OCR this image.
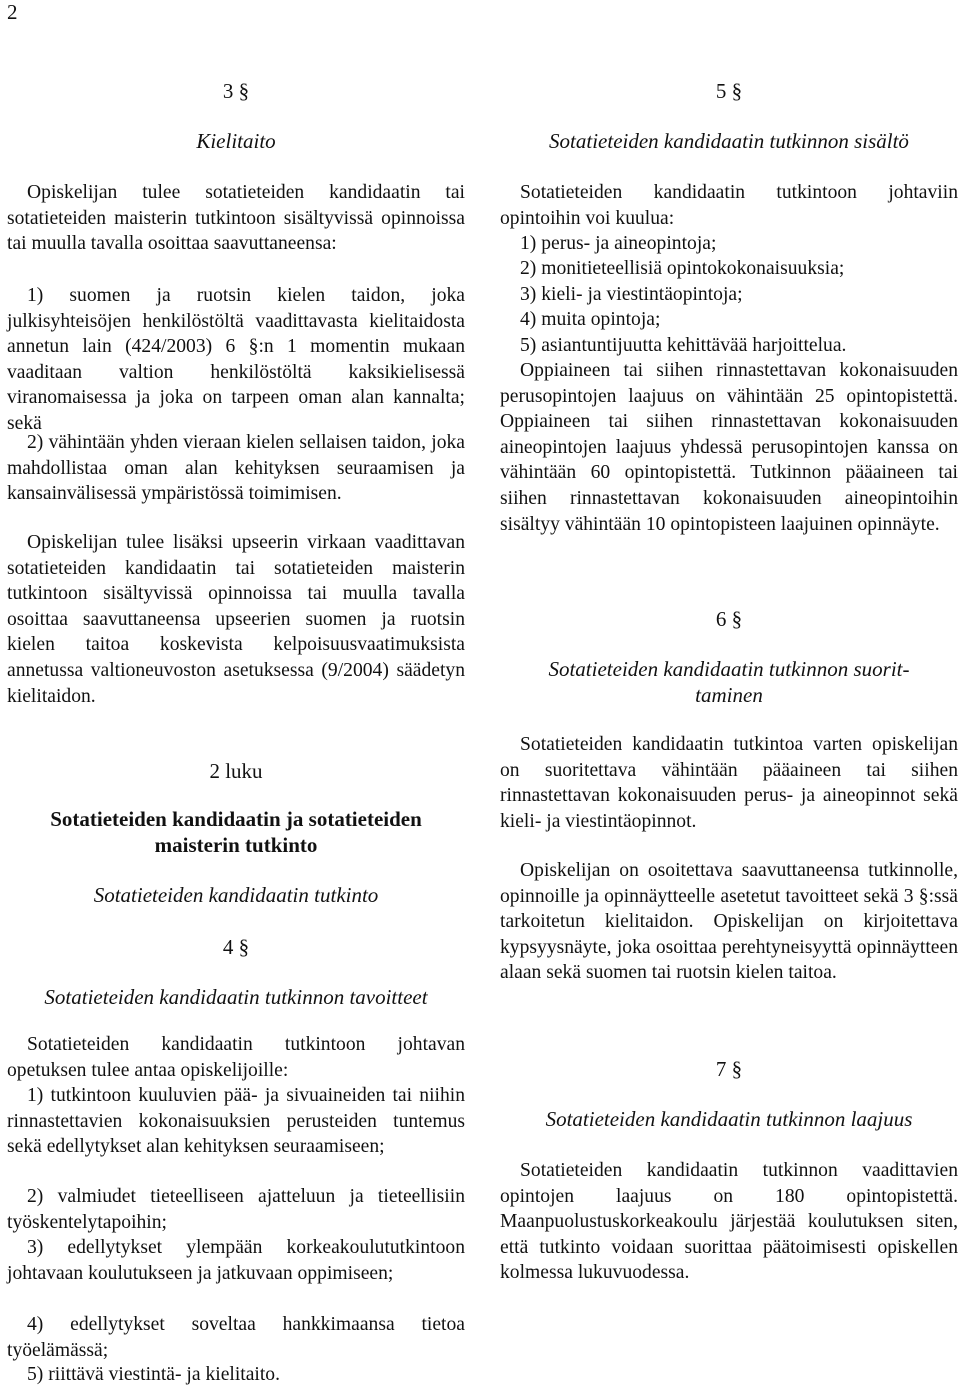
2
3 §
Kielitaito
Opiskelijan tulee sotatieteiden kandidaatin tai sotatieteiden maisterin tutkintoon sisältyvissä opinnoissa tai muulla tavalla osoittaa saavuttaneensa:
1) suomen ja ruotsin kielen taidon, joka julkisyhteisöjen henkilöstöltä vaadittavasta kielitaidosta annetun lain (424/2003) 6 §:n 1 momentin mukaan vaaditaan valtion henkilöstöltä kaksikielisessä viranomaisessa ja joka on tarpeen oman alan kannalta; sekä
2) vähintään yhden vieraan kielen sellaisen taidon, joka mahdollistaa oman alan kehityksen seuraamisen ja kansainvälisessä ympäristössä toimimisen.
Opiskelijan tulee lisäksi upseerin virkaan vaadittavan sotatieteiden kandidaatin tai sotatieteiden maisterin tutkintoon sisältyvissä opinnoissa tai muulla tavalla osoittaa saavuttaneensa upseerien suomen ja ruotsin kielen taitoa koskevista kelpoisuusvaatimuksista annetussa valtioneuvoston asetuksessa (9/2004) säädetyn kielitaidon.
2 luku
Sotatieteiden kandidaatin ja sotatieteiden
maisterin tutkinto
Sotatieteiden kandidaatin tutkinto
4 §
Sotatieteiden kandidaatin tutkinnon tavoitteet
Sotatieteiden kandidaatin tutkintoon johtavan opetuksen tulee antaa opiskelijoille:
1) tutkintoon kuuluvien pää- ja sivuaineiden tai niihin rinnastettavien kokonaisuuksien perusteiden tuntemus sekä edellytykset alan kehityksen seuraamiseen;
2) valmiudet tieteelliseen ajatteluun ja tieteellisiin työskentelytapoihin;
3) edellytykset ylempään korkeakoulututkintoon johtavaan koulutukseen ja jatkuvaan oppimiseen;
4) edellytykset soveltaa hankkimaansa tietoa työelämässä;
5) riittävä viestintä- ja kielitaito.
5 §
Sotatieteiden kandidaatin tutkinnon sisältö
Sotatieteiden kandidaatin tutkintoon johtaviin opintoihin voi kuulua:
1) perus- ja aineopintoja;
2) monitieteellisiä opintokokonaisuuksia;
3) kieli- ja viestintäopintoja;
4) muita opintoja;
5) asiantuntijuutta kehittävää harjoittelua.
Oppiaineen tai siihen rinnastettavan kokonaisuuden perusopintojen laajuus on vähintään 25 opintopistettä. Oppiaineen tai siihen rinnastettavan kokonaisuuden aineopintojen laajuus yhdessä perusopintojen kanssa on vähintään 60 opintopistettä. Tutkinnon pääaineen tai siihen rinnastettavan kokonaisuuden aineopintoihin sisältyy vähintään 10 opintopisteen laajuinen opinnäyte.
6 §
Sotatieteiden kandidaatin tutkinnon suorit-
taminen
Sotatieteiden kandidaatin tutkintoa varten opiskelijan on suoritettava vähintään pääaineen tai siihen rinnastettavan kokonaisuuden perus- ja aineopinnot sekä kieli- ja viestintäopinnot.
Opiskelijan on osoitettava saavuttaneensa tutkinnolle, opinnoille ja opinnäytteelle asetetut tavoitteet sekä 3 §:ssä tarkoitetun kielitaidon. Opiskelijan on kirjoitettava kypsyysnäyte, joka osoittaa perehtyneisyyttä opinnäytteen alaan sekä suomen tai ruotsin kielen taitoa.
7 §
Sotatieteiden kandidaatin tutkinnon laajuus
Sotatieteiden kandidaatin tutkinnon vaadittavien opintojen laajuus on 180 opintopistettä. Maanpuolustuskorkeakoulu järjestää koulutuksen siten, että tutkinto voidaan suorittaa päätoimisesti opiskellen kolmessa lukuvuodessa.
